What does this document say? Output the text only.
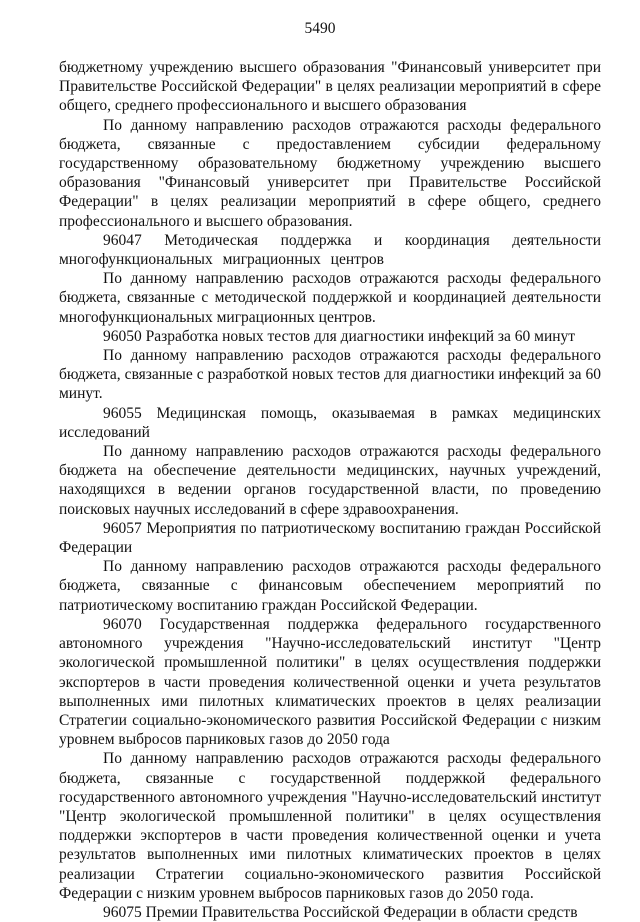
5490

бюджетному учреждению высшего образования "Финансовый университет при Правительстве Российской Федерации" в целях реализации мероприятий в сфере общего, среднего профессионального и высшего образования

По данному направлению расходов отражаются расходы федерального бюджета, связанные с предоставлением субсидии федеральному государственному образовательному бюджетному учреждению высшего образования "Финансовый университет при Правительстве Российской Федерации" в целях реализации мероприятий в сфере общего, среднего профессионального и высшего образования.

96047 Методическая поддержка и координация деятельности многофункциональных миграционных центров

По данному направлению расходов отражаются расходы федерального бюджета, связанные с методической поддержкой и координацией деятельности многофункциональных миграционных центров.

96050 Разработка новых тестов для диагностики инфекций за 60 минут

По данному направлению расходов отражаются расходы федерального бюджета, связанные с разработкой новых тестов для диагностики инфекций за 60 минут.

96055 Медицинская помощь, оказываемая в рамках медицинских исследований

По данному направлению расходов отражаются расходы федерального бюджета на обеспечение деятельности медицинских, научных учреждений, находящихся в ведении органов государственной власти, по проведению поисковых научных исследований в сфере здравоохранения.

96057 Мероприятия по патриотическому воспитанию граждан Российской Федерации

По данному направлению расходов отражаются расходы федерального бюджета, связанные с финансовым обеспечением мероприятий по патриотическому воспитанию граждан Российской Федерации.

96070 Государственная поддержка федерального государственного автономного учреждения "Научно-исследовательский институт "Центр экологической промышленной политики" в целях осуществления поддержки экспортеров в части проведения количественной оценки и учета результатов выполненных ими пилотных климатических проектов в целях реализации Стратегии социально-экономического развития Российской Федерации с низким уровнем выбросов парниковых газов до 2050 года

По данному направлению расходов отражаются расходы федерального бюджета, связанные с государственной поддержкой федерального государственного автономного учреждения "Научно-исследовательский институт "Центр экологической промышленной политики" в целях осуществления поддержки экспортеров в части проведения количественной оценки и учета результатов выполненных ими пилотных климатических проектов в целях реализации Стратегии социально-экономического развития Российской Федерации с низким уровнем выбросов парниковых газов до 2050 года.

96075 Премии Правительства Российской Федерации в области средств
